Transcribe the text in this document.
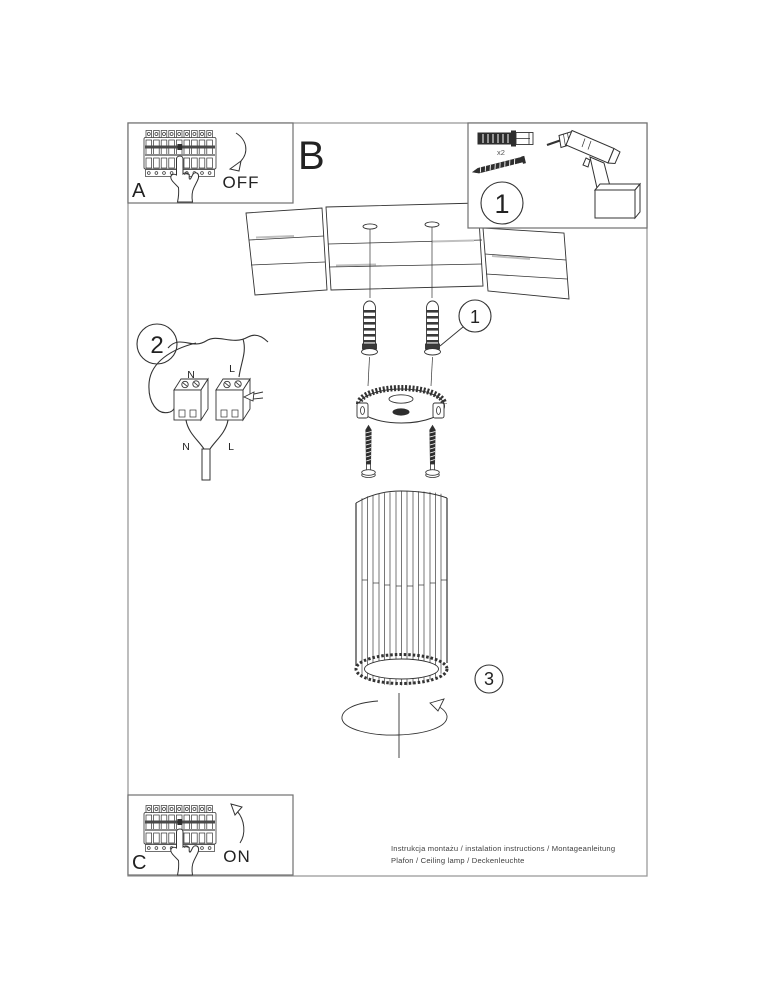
1
2
N	L
N	L
3
A	OFF
B	x2
1
C	ON	Instrukcja montażu / instalation instructions / Montageanleitung
Plafon / Ceiling lamp / Deckenleuchte
